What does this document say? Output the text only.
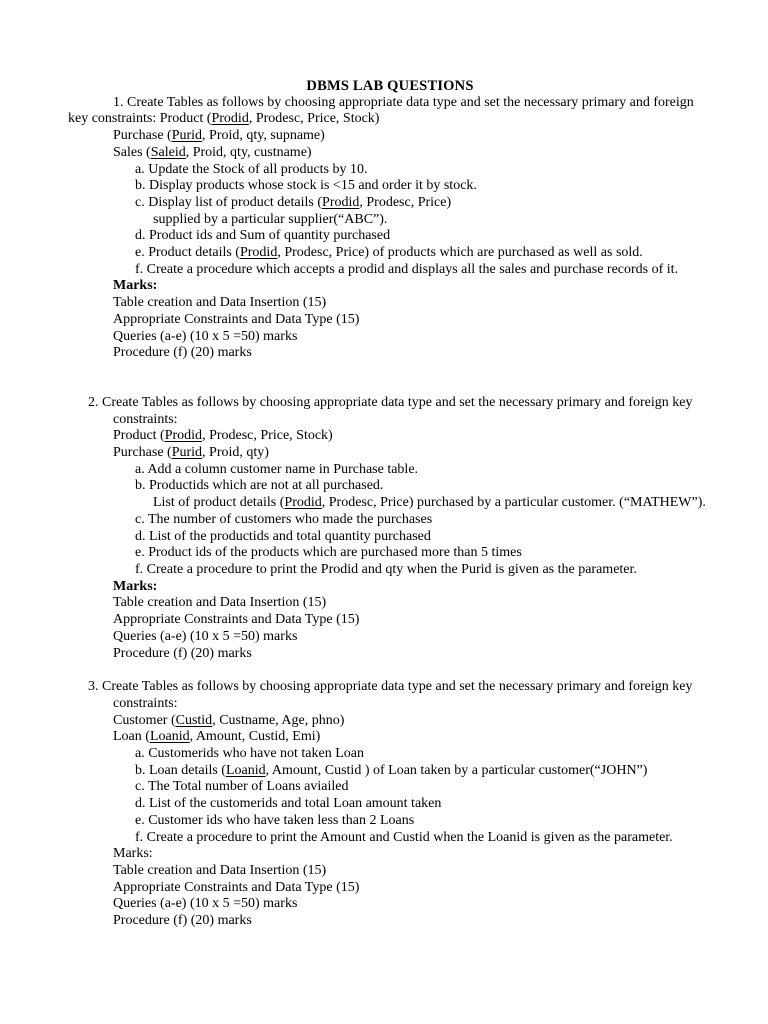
DBMS LAB QUESTIONS
1. Create Tables as follows by choosing appropriate data type and set the necessary primary and foreign
key constraints: Product (Prodid, Prodesc, Price, Stock)
Purchase (Purid, Proid, qty, supname)
Sales (Saleid, Proid, qty, custname)
a. Update the Stock of all products by 10.
b. Display products whose stock is <15 and order it by stock.
c. Display list of product details (Prodid, Prodesc, Price)
supplied by a particular supplier(“ABC”).
d. Product ids and Sum of quantity purchased
e. Product details (Prodid, Prodesc, Price) of products which are purchased as well as sold.
f. Create a procedure which accepts a prodid and displays all the sales and purchase records of it.
Marks:
Table creation and Data Insertion (15)
Appropriate Constraints and Data Type (15)
Queries (a-e) (10 x 5 =50) marks
Procedure (f) (20) marks
2. Create Tables as follows by choosing appropriate data type and set the necessary primary and foreign key
constraints:
Product (Prodid, Prodesc, Price, Stock)
Purchase (Purid, Proid, qty)
a. Add a column customer name in Purchase table.
b. Productids which are not at all purchased.
List of product details (Prodid, Prodesc, Price) purchased by a particular customer. (“MATHEW”).
c. The number of customers who made the purchases
d. List of the productids and total quantity purchased
e. Product ids of the products which are purchased more than 5 times
f. Create a procedure to print the Prodid and qty when the Purid is given as the parameter.
Marks:
Table creation and Data Insertion (15)
Appropriate Constraints and Data Type (15)
Queries (a-e) (10 x 5 =50) marks
Procedure (f) (20) marks
3. Create Tables as follows by choosing appropriate data type and set the necessary primary and foreign key
constraints:
Customer (Custid, Custname, Age, phno)
Loan (Loanid, Amount, Custid, Emi)
a. Customerids who have not taken Loan
b. Loan details (Loanid, Amount, Custid ) of Loan taken by a particular customer(“JOHN”)
c. The Total number of Loans aviailed
d. List of the customerids and total Loan amount taken
e. Customer ids who have taken less than 2 Loans
f. Create a procedure to print the Amount and Custid when the Loanid is given as the parameter.
Marks:
Table creation and Data Insertion (15)
Appropriate Constraints and Data Type (15)
Queries (a-e) (10 x 5 =50) marks
Procedure (f) (20) marks
